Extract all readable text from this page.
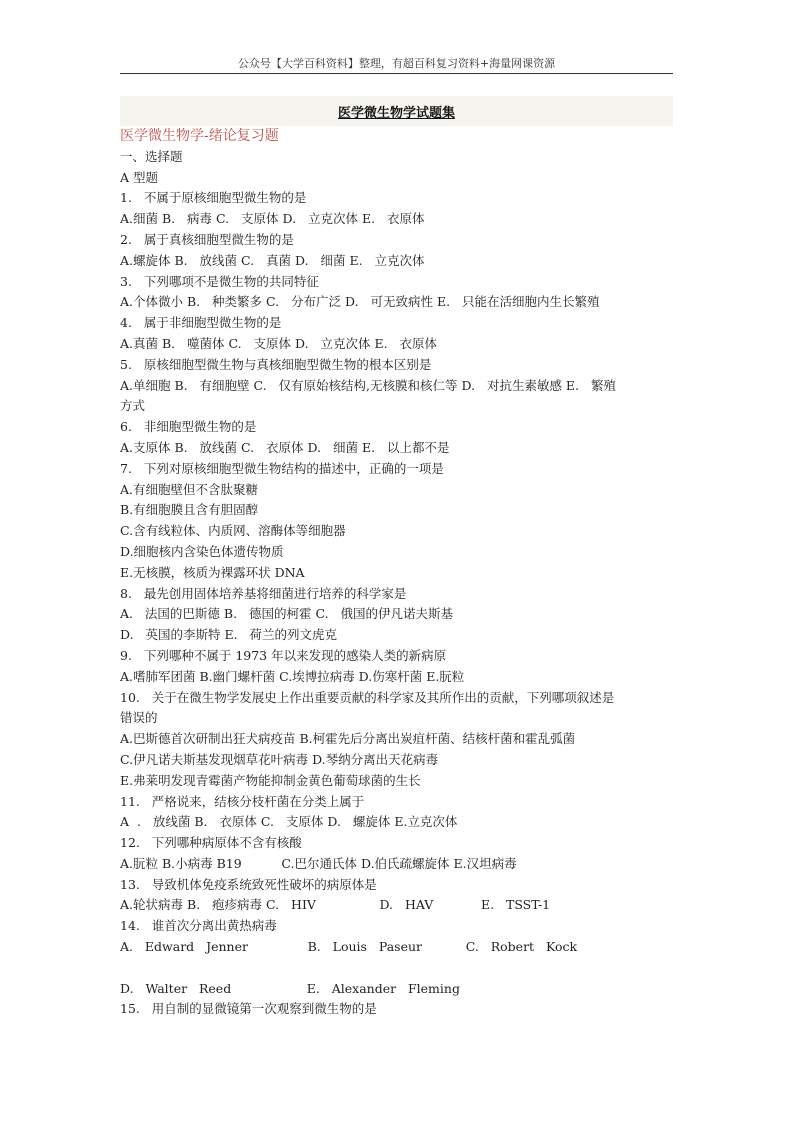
公众号【大学百科资料】整理，有超百科复习资料+海量网课资源
医学微生物学试题集
医学微生物学-绪论复习题
一、选择题
A 型题
1.   不属于原核细胞型微生物的是
A.细菌 B.   病毒 C.   支原体 D.   立克次体 E.   衣原体
2.   属于真核细胞型微生物的是
A.螺旋体 B.   放线菌 C.   真菌 D.   细菌 E.   立克次体
3.   下列哪项不是微生物的共同特征
A.个体微小 B.   种类繁多 C.   分布广泛 D.   可无致病性 E.   只能在活细胞内生长繁殖
4.   属于非细胞型微生物的是
A.真菌 B.   噬菌体 C.   支原体 D.   立克次体 E.   衣原体
5.   原核细胞型微生物与真核细胞型微生物的根本区别是
A.单细胞 B.   有细胞壁 C.   仅有原始核结构,无核膜和核仁等 D.   对抗生素敏感 E.   繁殖
方式
6.   非细胞型微生物的是
A.支原体 B.   放线菌 C.   衣原体 D.   细菌 E.   以上都不是
7.   下列对原核细胞型微生物结构的描述中，正确的一项是
A.有细胞壁但不含肽聚糖
B.有细胞膜且含有胆固醇
C.含有线粒体、内质网、溶酶体等细胞器
D.细胞核内含染色体遗传物质
E.无核膜，核质为裸露环状 DNA
8.   最先创用固体培养基将细菌进行培养的科学家是
A.   法国的巴斯德 B.   德国的柯霍 C.   俄国的伊凡诺夫斯基
D.   英国的李斯特 E.   荷兰的列文虎克
9.   下列哪种不属于 1973 年以来发现的感染人类的新病原
A.嗜肺军团菌 B.幽门螺杆菌 C.埃博拉病毒 D.伤寒杆菌 E.朊粒
10.   关于在微生物学发展史上作出重要贡献的科学家及其所作出的贡献，下列哪项叙述是
错误的
A.巴斯德首次研制出狂犬病疫苗 B.柯霍先后分离出炭疽杆菌、结核杆菌和霍乱弧菌
C.伊凡诺夫斯基发现烟草花叶病毒 D.琴纳分离出天花病毒
E.弗莱明发现青霉菌产物能抑制金黄色葡萄球菌的生长
11.   严格说来，结核分枝杆菌在分类上属于
A  .   放线菌 B.   衣原体 C.   支原体 D.   螺旋体 E.立克次体
12.   下列哪种病原体不含有核酸
A.朊粒 B.小病毒 B19          C.巴尔通氏体 D.伯氏疏螺旋体 E.汉坦病毒
13.   导致机体免疫系统致死性破坏的病原体是
A.轮状病毒 B.   疱疹病毒 C.   HIV                D.   HAV            E.   TSST-1
14.   谁首次分离出黄热病毒
A.   Edward   Jenner               B.   Louis   Paseur           C.   Robert   Kock
D.   Walter   Reed                   E.   Alexander   Fleming
15.   用自制的显微镜第一次观察到微生物的是
